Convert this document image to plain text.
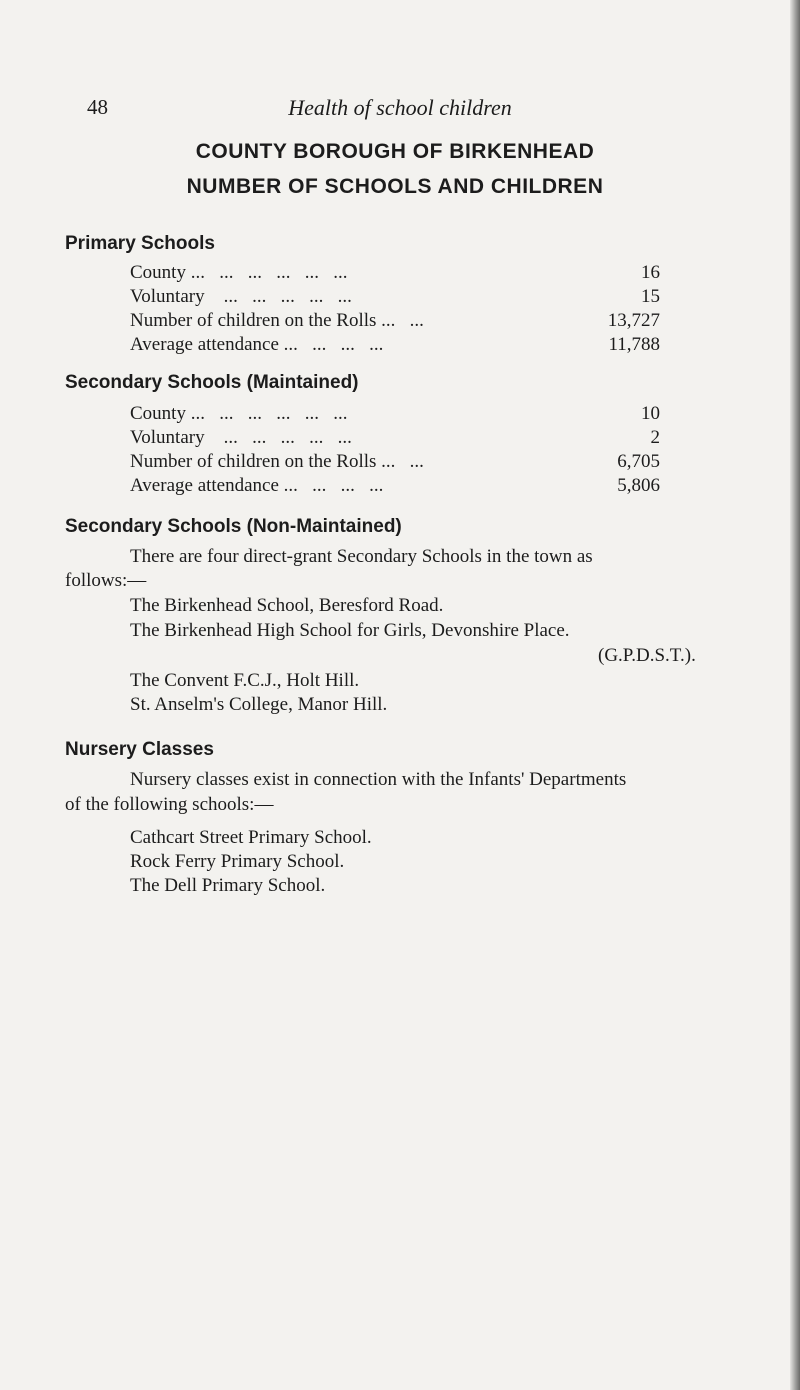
48	Health of school children
COUNTY BOROUGH OF BIRKENHEAD
NUMBER OF SCHOOLS AND CHILDREN
Primary Schools
County ...   ...   ...   ...   ...   ...	16
Voluntary    ...   ...   ...   ...   ...	15
Number of children on the Rolls ...   ...	13,727
Average attendance ...   ...   ...   ...	11,788
Secondary Schools (Maintained)
County ...   ...   ...   ...   ...   ...	10
Voluntary    ...   ...   ...   ...   ...	2
Number of children on the Rolls ...   ...	6,705
Average attendance ...   ...   ...   ...	5,806
Secondary Schools (Non-Maintained)
There are four direct-grant Secondary Schools in the town as
follows:—
The Birkenhead School, Beresford Road.
The Birkenhead High School for Girls, Devonshire Place.
(G.P.D.S.T.).
The Convent F.C.J., Holt Hill.
St. Anselm's College, Manor Hill.
Nursery Classes
Nursery classes exist in connection with the Infants' Departments
of the following schools:—
Cathcart Street Primary School.
Rock Ferry Primary School.
The Dell Primary School.
